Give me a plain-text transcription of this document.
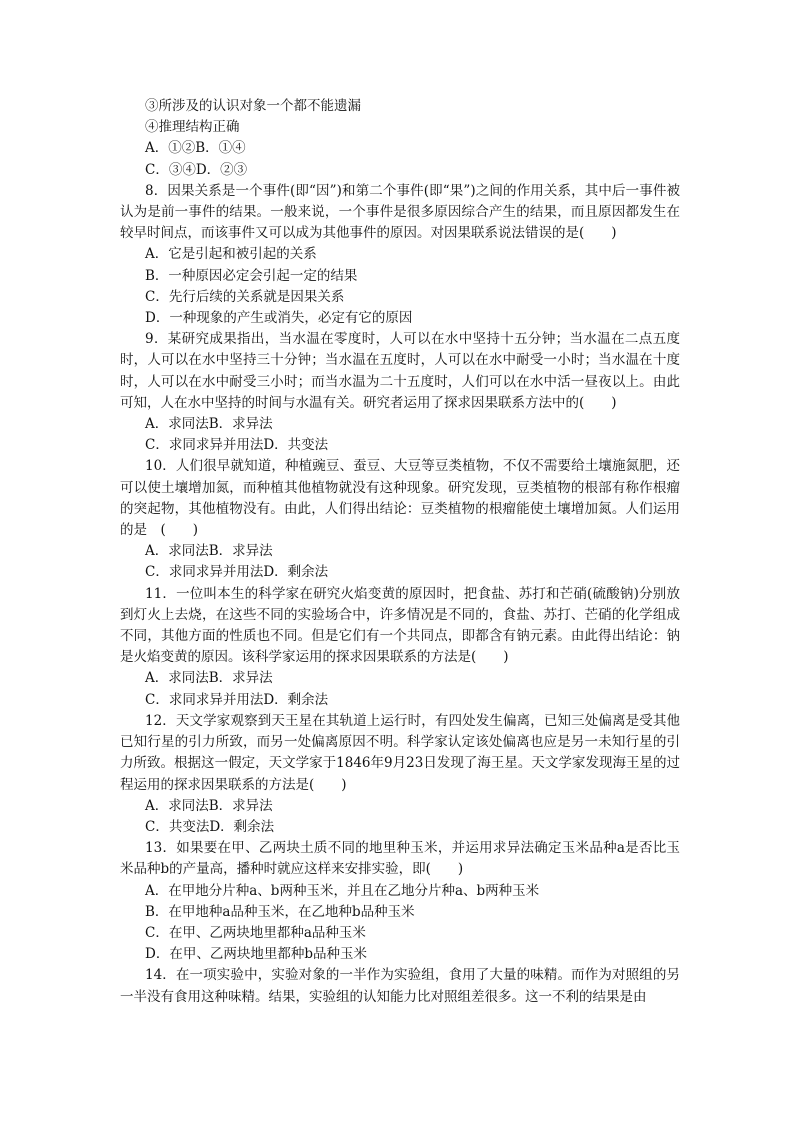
③所涉及的认识对象一个都不能遗漏
④推理结构正确
A．①②B．①④
C．③④D．②③
8．因果关系是一个事件(即“因”)和第二个事件(即“果”)之间的作用关系，其中后一事件被认为是前一事件的结果。一般来说，一个事件是很多原因综合产生的结果，而且原因都发生在较早时间点，而该事件又可以成为其他事件的原因。对因果联系说法错误的是(　　)
A．它是引起和被引起的关系
B．一种原因必定会引起一定的结果
C．先行后续的关系就是因果关系
D．一种现象的产生或消失，必定有它的原因
9．某研究成果指出，当水温在零度时，人可以在水中坚持十五分钟；当水温在二点五度时，人可以在水中坚持三十分钟；当水温在五度时，人可以在水中耐受一小时；当水温在十度时，人可以在水中耐受三小时；而当水温为二十五度时，人们可以在水中活一昼夜以上。由此可知，人在水中坚持的时间与水温有关。研究者运用了探求因果联系方法中的(　　)
A．求同法B．求异法
C．求同求异并用法D．共变法
10．人们很早就知道，种植豌豆、蚕豆、大豆等豆类植物，不仅不需要给土壤施氮肥，还可以使土壤增加氮，而种植其他植物就没有这种现象。研究发现，豆类植物的根部有称作根瘤的突起物，其他植物没有。由此，人们得出结论：豆类植物的根瘤能使土壤增加氮。人们运用的是　(　　)
A．求同法B．求异法
C．求同求异并用法D．剩余法
11．一位叫本生的科学家在研究火焰变黄的原因时，把食盐、苏打和芒硝(硫酸钠)分别放到灯火上去烧，在这些不同的实验场合中，许多情况是不同的，食盐、苏打、芒硝的化学组成不同，其他方面的性质也不同。但是它们有一个共同点，即都含有钠元素。由此得出结论：钠是火焰变黄的原因。该科学家运用的探求因果联系的方法是(　　)
A．求同法B．求异法
C．求同求异并用法D．剩余法
12．天文学家观察到天王星在其轨道上运行时，有四处发生偏离，已知三处偏离是受其他已知行星的引力所致，而另一处偏离原因不明。科学家认定该处偏离也应是另一未知行星的引力所致。根据这一假定，天文学家于1846年9月23日发现了海王星。天文学家发现海王星的过程运用的探求因果联系的方法是(　　)
A．求同法B．求异法
C．共变法D．剩余法
13．如果要在甲、乙两块土质不同的地里种玉米，并运用求异法确定玉米品种a是否比玉米品种b的产量高，播种时就应这样来安排实验，即(　　)
A．在甲地分片种a、b两种玉米，并且在乙地分片种a、b两种玉米
B．在甲地种a品种玉米，在乙地种b品种玉米
C．在甲、乙两块地里都种a品种玉米
D．在甲、乙两块地里都种b品种玉米
14．在一项实验中，实验对象的一半作为实验组，食用了大量的味精。而作为对照组的另一半没有食用这种味精。结果，实验组的认知能力比对照组差很多。这一不利的结果是由
